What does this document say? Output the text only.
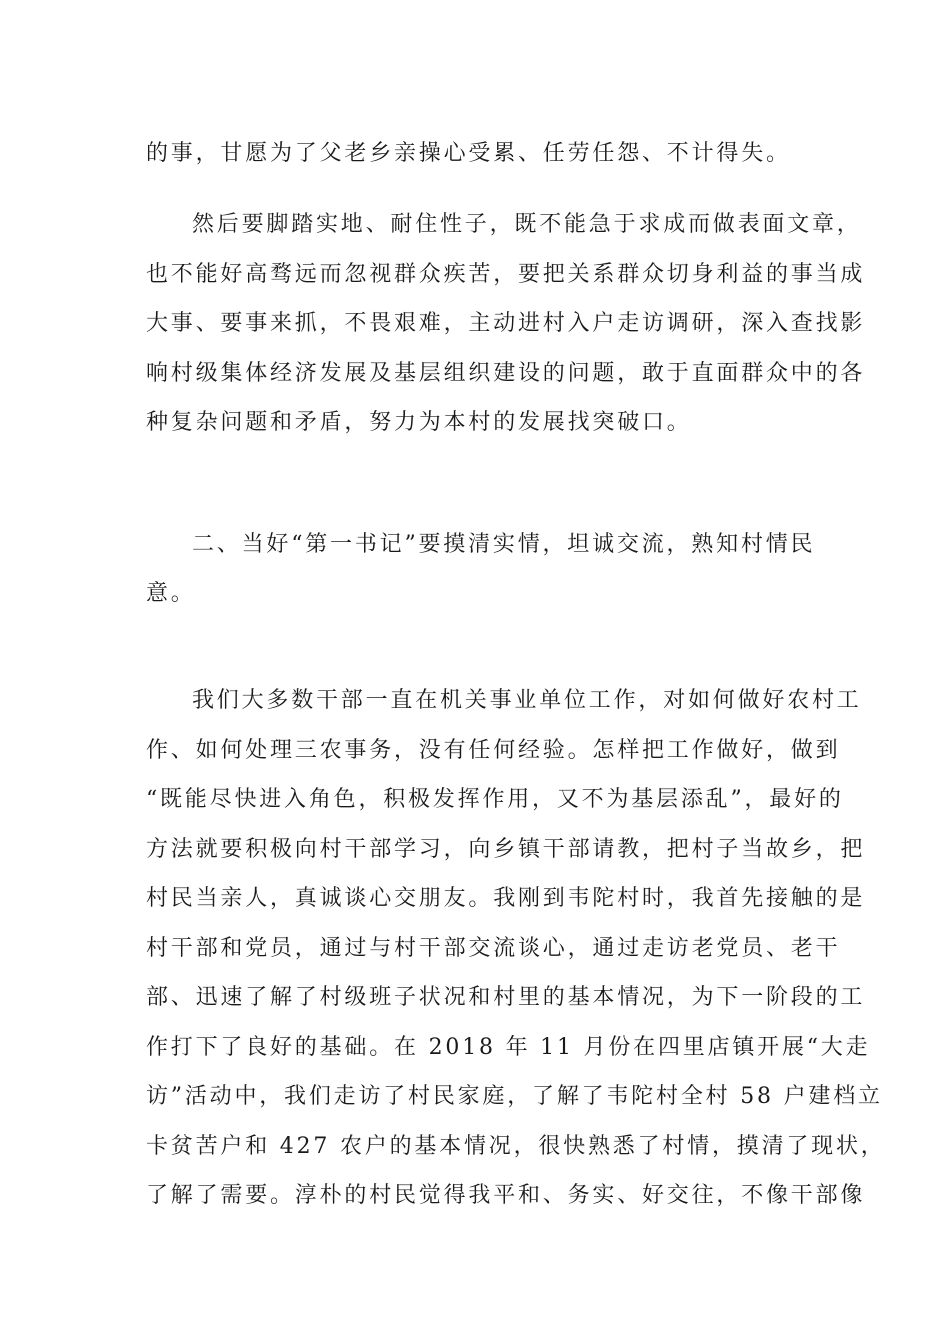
的事，甘愿为了父老乡亲操心受累、任劳任怨、不计得失。
然后要脚踏实地、耐住性子，既不能急于求成而做表面文章，
也不能好高骛远而忽视群众疾苦，要把关系群众切身利益的事当成
大事、要事来抓，不畏艰难，主动进村入户走访调研，深入查找影
响村级集体经济发展及基层组织建设的问题，敢于直面群众中的各
种复杂问题和矛盾，努力为本村的发展找突破口。
二、当好“第一书记”要摸清实情，坦诚交流，熟知村情民
意。
我们大多数干部一直在机关事业单位工作，对如何做好农村工
作、如何处理三农事务，没有任何经验。怎样把工作做好，做到
“既能尽快进入角色，积极发挥作用，又不为基层添乱”，最好的
方法就要积极向村干部学习，向乡镇干部请教，把村子当故乡，把
村民当亲人，真诚谈心交朋友。我刚到韦陀村时，我首先接触的是
村干部和党员，通过与村干部交流谈心，通过走访老党员、老干
部、迅速了解了村级班子状况和村里的基本情况，为下一阶段的工
作打下了良好的基础。在 2018 年 11 月份在四里店镇开展“大走
访”活动中，我们走访了村民家庭，了解了韦陀村全村 58 户建档立
卡贫苦户和 427 农户的基本情况，很快熟悉了村情，摸清了现状，
了解了需要。淳朴的村民觉得我平和、务实、好交往，不像干部像
